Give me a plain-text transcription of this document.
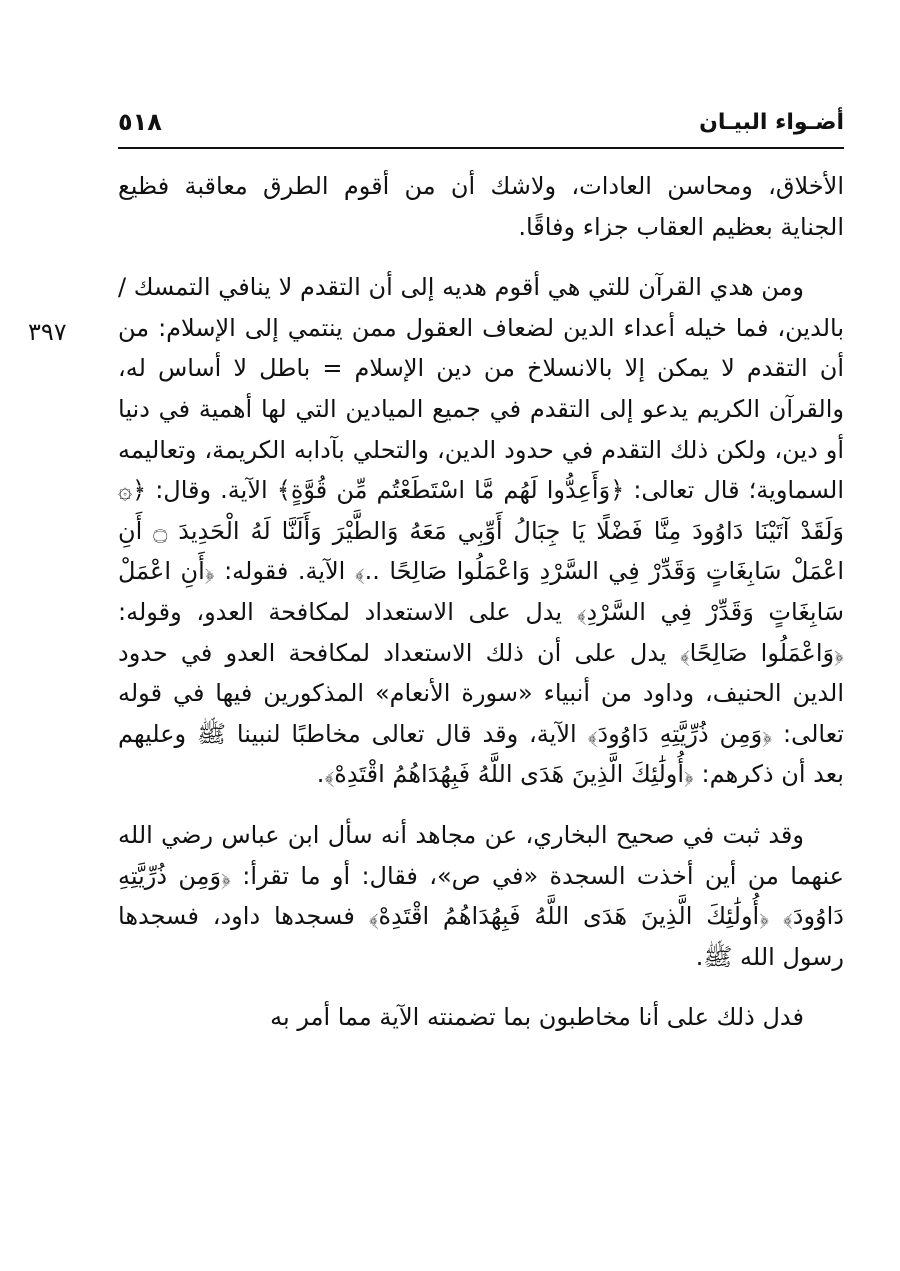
أضـواء البيـان
٥١٨
٣٩٧

الأخلاق، ومحاسن العادات، ولاشك أن من أقوم الطرق معاقبة فظيع الجناية بعظيم العقاب جزاء وفاقًا.

ومن هدي القرآن للتي هي أقوم هديه إلى أن التقدم لا ينافي التمسك / بالدين، فما خيله أعداء الدين لضعاف العقول ممن ينتمي إلى الإسلام: من أن التقدم لا يمكن إلا بالانسلاخ من دين الإسلام = باطل لا أساس له، والقرآن الكريم يدعو إلى التقدم في جميع الميادين التي لها أهمية في دنيا أو دين، ولكن ذلك التقدم في حدود الدين، والتحلي بآدابه الكريمة، وتعاليمه السماوية؛ قال تعالى: ﴿وَأَعِدُّوا لَهُم مَّا اسْتَطَعْتُم مِّن قُوَّةٍ﴾ الآية. وقال: ﴿۞ وَلَقَدْ آتَيْنَا دَاوُودَ مِنَّا فَضْلًا يَا جِبَالُ أَوِّبِي مَعَهُ وَالطَّيْرَ وَأَلَنَّا لَهُ الْحَدِيدَ ۝ أَنِ اعْمَلْ سَابِغَاتٍ وَقَدِّرْ فِي السَّرْدِ وَاعْمَلُوا صَالِحًا ..﴾ الآية. فقوله: ﴿أَنِ اعْمَلْ سَابِغَاتٍ وَقَدِّرْ فِي السَّرْدِ﴾ يدل على الاستعداد لمكافحة العدو، وقوله: ﴿وَاعْمَلُوا صَالِحًا﴾ يدل على أن ذلك الاستعداد لمكافحة العدو في حدود الدين الحنيف، وداود من أنبياء «سورة الأنعام» المذكورين فيها في قوله تعالى: ﴿وَمِن ذُرِّيَّتِهِ دَاوُودَ﴾ الآية، وقد قال تعالى مخاطبًا لنبينا ﷺ وعليهم بعد أن ذكرهم: ﴿أُولَٰئِكَ الَّذِينَ هَدَى اللَّهُ فَبِهُدَاهُمُ اقْتَدِهْ﴾.

وقد ثبت في صحيح البخاري، عن مجاهد أنه سأل ابن عباس رضي الله عنهما من أين أخذت السجدة «في ص»، فقال: أو ما تقرأ: ﴿وَمِن ذُرِّيَّتِهِ دَاوُودَ﴾ ﴿أُولَٰئِكَ الَّذِينَ هَدَى اللَّهُ فَبِهُدَاهُمُ اقْتَدِهْ﴾ فسجدها داود، فسجدها رسول الله ﷺ.

فدل ذلك على أنا مخاطبون بما تضمنته الآية مما أمر به
